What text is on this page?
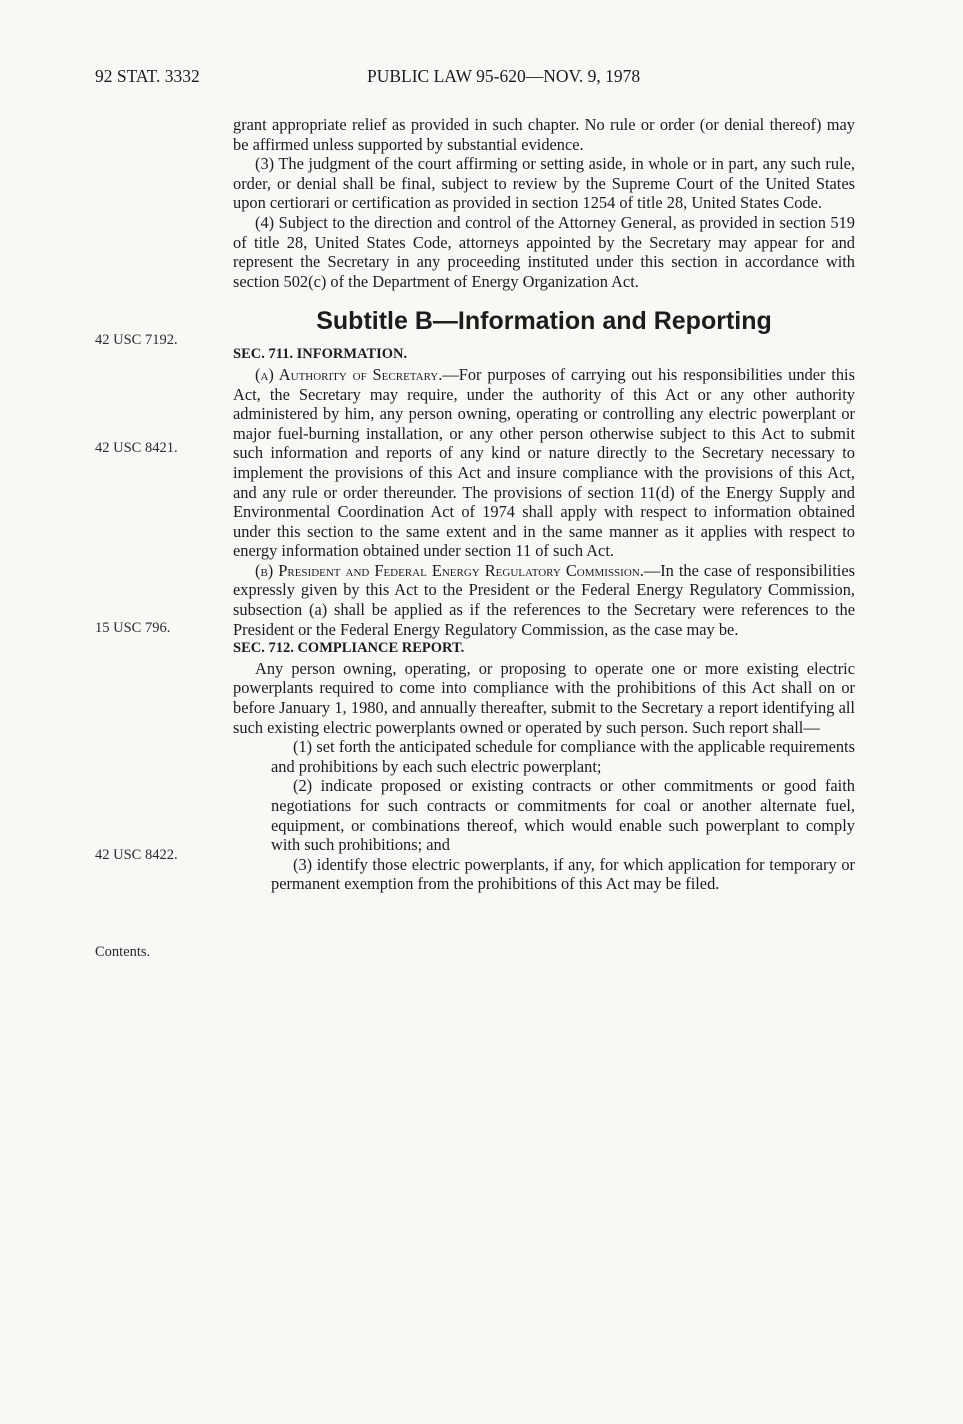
92 STAT. 3332	PUBLIC LAW 95-620—NOV. 9, 1978
42 USC 7192.
42 USC 8421.
15 USC 796.
42 USC 8422.
Contents.

grant appropriate relief as provided in such chapter. No rule or order (or denial thereof) may be affirmed unless supported by substantial evidence.

(3) The judgment of the court affirming or setting aside, in whole or in part, any such rule, order, or denial shall be final, subject to review by the Supreme Court of the United States upon certiorari or certification as provided in section 1254 of title 28, United States Code.

(4) Subject to the direction and control of the Attorney General, as provided in section 519 of title 28, United States Code, attorneys appointed by the Secretary may appear for and represent the Secretary in any proceeding instituted under this section in accordance with section 502(c) of the Department of Energy Organization Act.

Subtitle B—Information and Reporting

SEC. 711. INFORMATION.

(a) Authority of Secretary.—For purposes of carrying out his responsibilities under this Act, the Secretary may require, under the authority of this Act or any other authority administered by him, any person owning, operating or controlling any electric powerplant or major fuel-burning installation, or any other person otherwise subject to this Act to submit such information and reports of any kind or nature directly to the Secretary necessary to implement the provisions of this Act and insure compliance with the provisions of this Act, and any rule or order thereunder. The provisions of section 11(d) of the Energy Supply and Environmental Coordination Act of 1974 shall apply with respect to information obtained under this section to the same extent and in the same manner as it applies with respect to energy information obtained under section 11 of such Act.

(b) President and Federal Energy Regulatory Commission.—In the case of responsibilities expressly given by this Act to the President or the Federal Energy Regulatory Commission, subsection (a) shall be applied as if the references to the Secretary were references to the President or the Federal Energy Regulatory Commission, as the case may be.

SEC. 712. COMPLIANCE REPORT.

Any person owning, operating, or proposing to operate one or more existing electric powerplants required to come into compliance with the prohibitions of this Act shall on or before January 1, 1980, and annually thereafter, submit to the Secretary a report identifying all such existing electric powerplants owned or operated by such person. Such report shall—

(1) set forth the anticipated schedule for compliance with the applicable requirements and prohibitions by each such electric powerplant;

(2) indicate proposed or existing contracts or other commitments or good faith negotiations for such contracts or commitments for coal or another alternate fuel, equipment, or combinations thereof, which would enable such powerplant to comply with such prohibitions; and

(3) identify those electric powerplants, if any, for which application for temporary or permanent exemption from the prohibitions of this Act may be filed.
